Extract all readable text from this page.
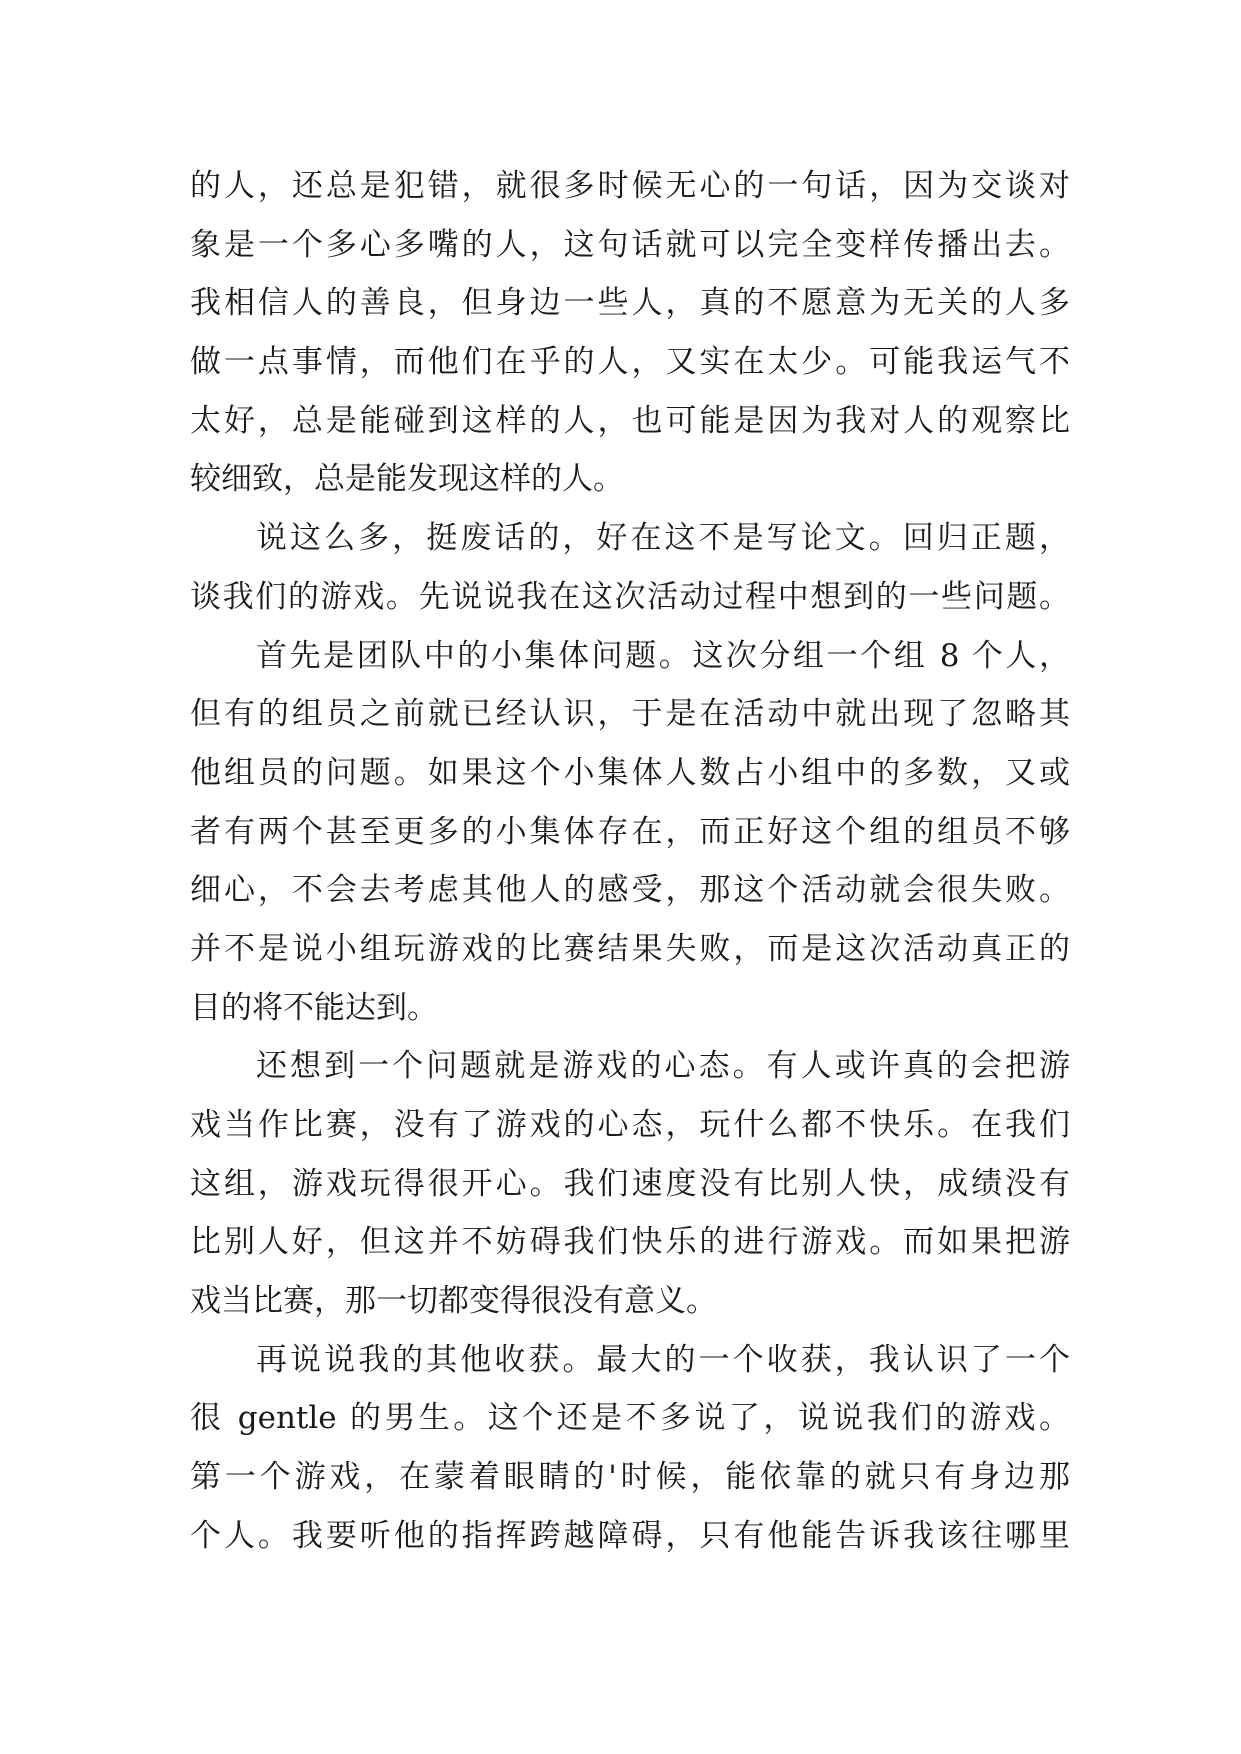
的人，还总是犯错，就很多时候无心的一句话，因为交谈对
象是一个多心多嘴的人，这句话就可以完全变样传播出去。
我相信人的善良，但身边一些人，真的不愿意为无关的人多
做一点事情，而他们在乎的人，又实在太少。可能我运气不
太好，总是能碰到这样的人，也可能是因为我对人的观察比
较细致，总是能发现这样的人。
说这么多，挺废话的，好在这不是写论文。回归正题，
谈我们的游戏。先说说我在这次活动过程中想到的一些问题。
首先是团队中的小集体问题。这次分组一个组 8 个人，
但有的组员之前就已经认识，于是在活动中就出现了忽略其
他组员的问题。如果这个小集体人数占小组中的多数，又或
者有两个甚至更多的小集体存在，而正好这个组的组员不够
细心，不会去考虑其他人的感受，那这个活动就会很失败。
并不是说小组玩游戏的比赛结果失败，而是这次活动真正的
目的将不能达到。
还想到一个问题就是游戏的心态。有人或许真的会把游
戏当作比赛，没有了游戏的心态，玩什么都不快乐。在我们
这组，游戏玩得很开心。我们速度没有比别人快，成绩没有
比别人好，但这并不妨碍我们快乐的进行游戏。而如果把游
戏当比赛，那一切都变得很没有意义。
再说说我的其他收获。最大的一个收获，我认识了一个
很 gentle 的男生。这个还是不多说了，说说我们的游戏。
第一个游戏，在蒙着眼睛的'时候，能依靠的就只有身边那
个人。我要听他的指挥跨越障碍，只有他能告诉我该往哪里
